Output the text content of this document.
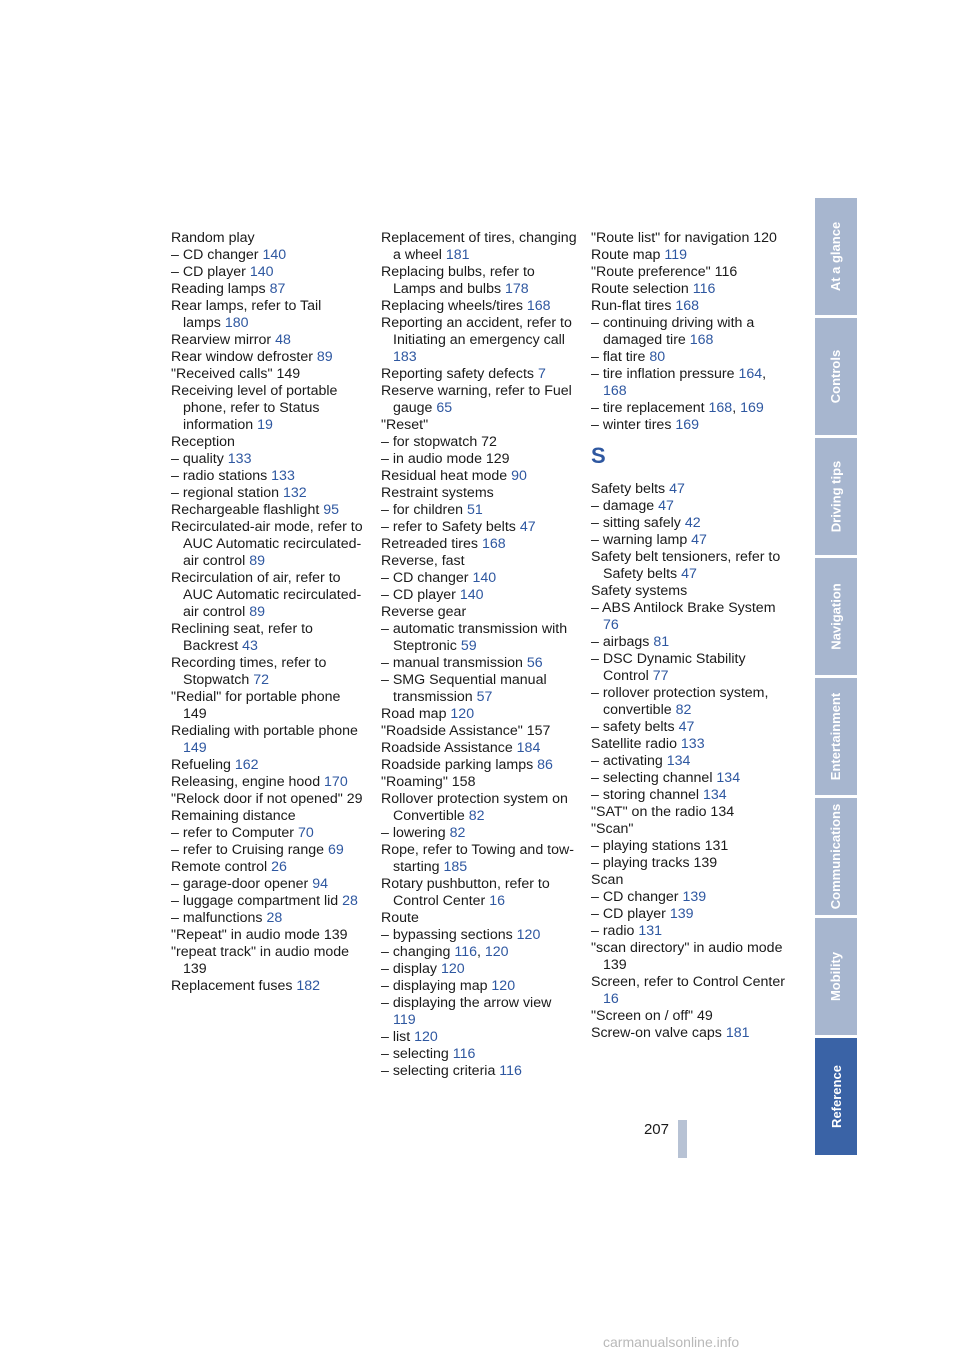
Random play
– CD changer 140
– CD player 140
Reading lamps 87
Rear lamps, refer to Tail lamps 180
Rearview mirror 48
Rear window defroster 89
"Received calls" 149
Receiving level of portable phone, refer to Status information 19
Reception
– quality 133
– radio stations 133
– regional station 132
Rechargeable flashlight 95
Recirculated-air mode, refer to AUC Automatic recirculated-air control 89
Recirculation of air, refer to AUC Automatic recirculated-air control 89
Reclining seat, refer to Backrest 43
Recording times, refer to Stopwatch 72
"Redial" for portable phone 149
Redialing with portable phone 149
Refueling 162
Releasing, engine hood 170
"Relock door if not opened" 29
Remaining distance
– refer to Computer 70
– refer to Cruising range 69
Remote control 26
– garage-door opener 94
– luggage compartment lid 28
– malfunctions 28
"Repeat" in audio mode 139
"repeat track" in audio mode 139
Replacement fuses 182
Replacement of tires, changing a wheel 181
Replacing bulbs, refer to Lamps and bulbs 178
Replacing wheels/tires 168
Reporting an accident, refer to Initiating an emergency call 183
Reporting safety defects 7
Reserve warning, refer to Fuel gauge 65
"Reset"
– for stopwatch 72
– in audio mode 129
Residual heat mode 90
Restraint systems
– for children 51
– refer to Safety belts 47
Retreaded tires 168
Reverse, fast
– CD changer 140
– CD player 140
Reverse gear
– automatic transmission with Steptronic 59
– manual transmission 56
– SMG Sequential manual transmission 57
Road map 120
"Roadside Assistance" 157
Roadside Assistance 184
Roadside parking lamps 86
"Roaming" 158
Rollover protection system on Convertible 82
– lowering 82
Rope, refer to Towing and tow-starting 185
Rotary pushbutton, refer to Control Center 16
Route
– bypassing sections 120
– changing 116, 120
– display 120
– displaying map 120
– displaying the arrow view 119
– list 120
– selecting 116
– selecting criteria 116
"Route list" for navigation 120
Route map 119
"Route preference" 116
Route selection 116
Run-flat tires 168
– continuing driving with a damaged tire 168
– flat tire 80
– tire inflation pressure 164, 168
– tire replacement 168, 169
– winter tires 169
S
Safety belts 47
– damage 47
– sitting safely 42
– warning lamp 47
Safety belt tensioners, refer to Safety belts 47
Safety systems
– ABS Antilock Brake System 76
– airbags 81
– DSC Dynamic Stability Control 77
– rollover protection system, convertible 82
– safety belts 47
Satellite radio 133
– activating 134
– selecting channel 134
– storing channel 134
"SAT" on the radio 134
"Scan"
– playing stations 131
– playing tracks 139
Scan
– CD changer 139
– CD player 139
– radio 131
"scan directory" in audio mode 139
Screen, refer to Control Center 16
"Screen on / off" 49
Screw-on valve caps 181
At a glance
Controls
Driving tips
Navigation
Entertainment
Communications
Mobility
Reference
207
carmanualsonline.info
